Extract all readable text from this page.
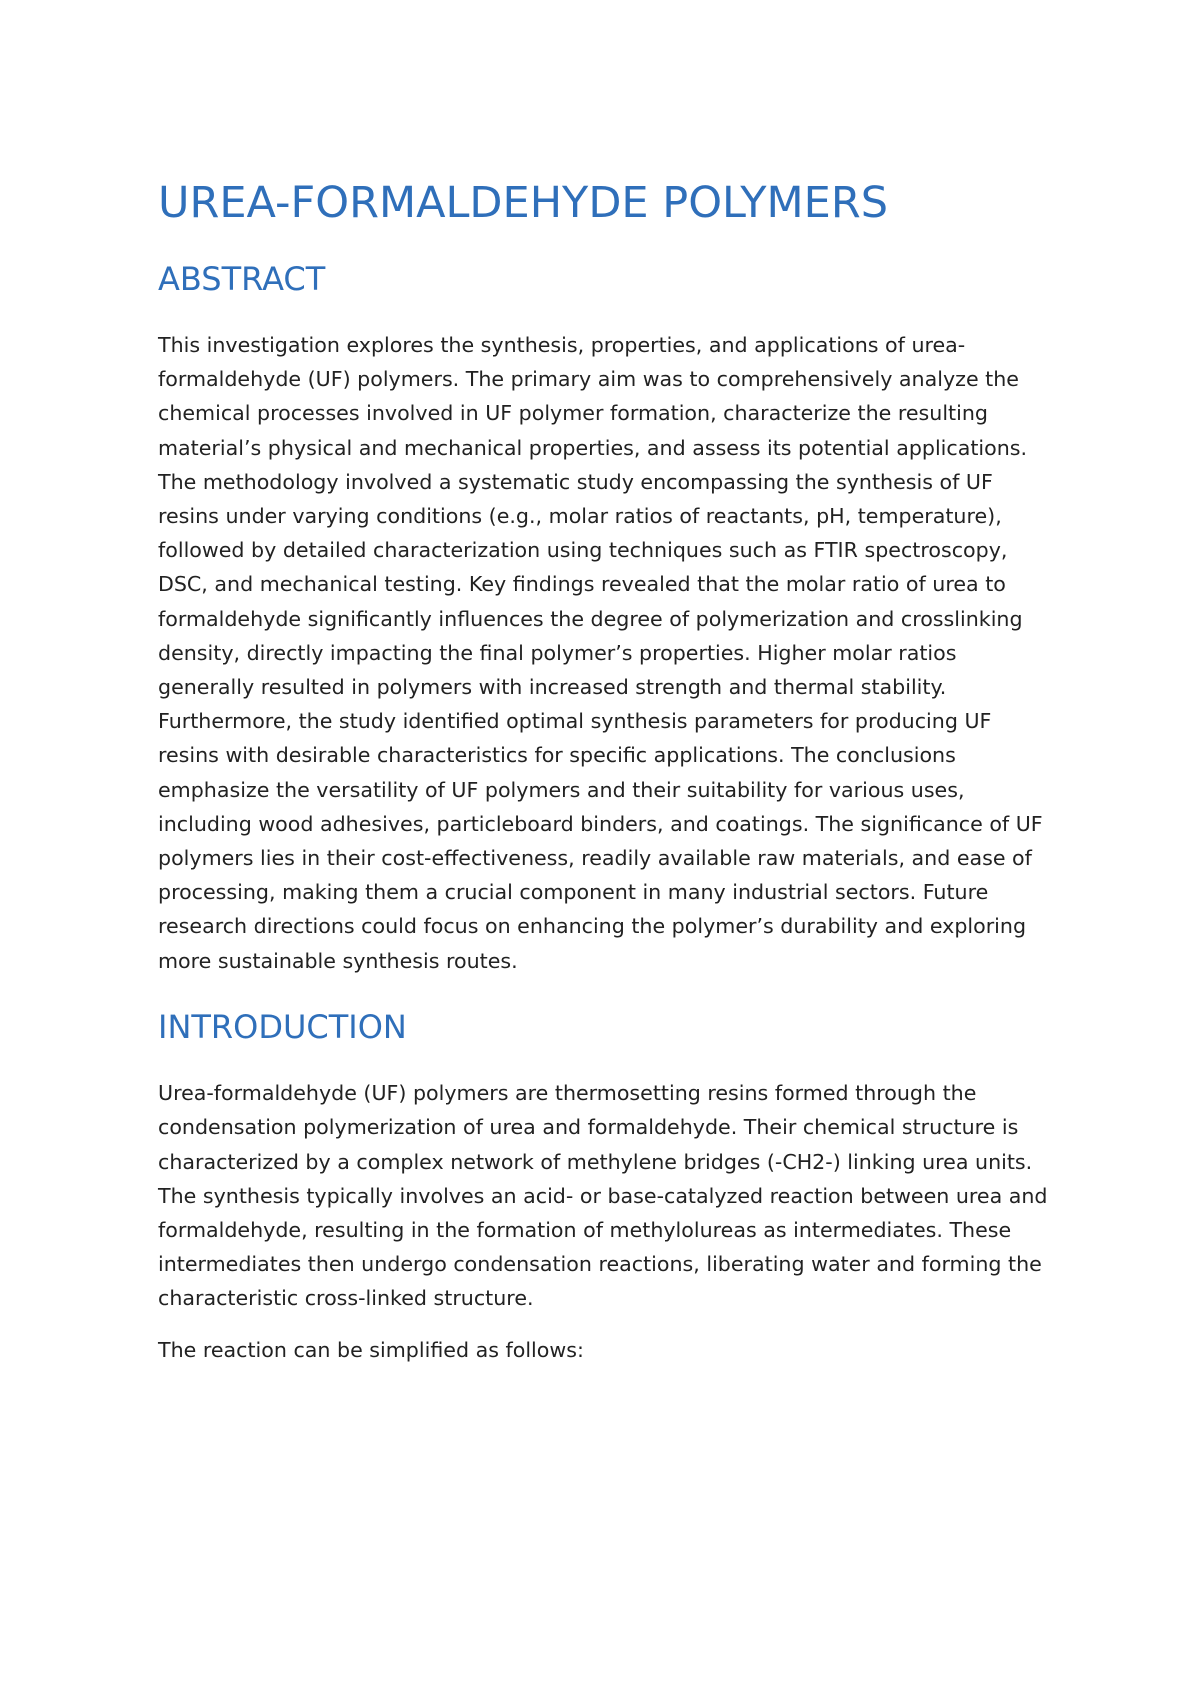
UREA-FORMALDEHYDE POLYMERS
ABSTRACT

This investigation explores the synthesis, properties, and applications of urea-formaldehyde (UF) polymers. The primary aim was to comprehensively analyze the chemical processes involved in UF polymer formation, characterize the resulting material’s physical and mechanical properties, and assess its potential applications. The methodology involved a systematic study encompassing the synthesis of UF resins under varying conditions (e.g., molar ratios of reactants, pH, temperature), followed by detailed characterization using techniques such as FTIR spectroscopy, DSC, and mechanical testing. Key findings revealed that the molar ratio of urea to formaldehyde significantly influences the degree of polymerization and crosslinking density, directly impacting the final polymer’s properties. Higher molar ratios generally resulted in polymers with increased strength and thermal stability. Furthermore, the study identified optimal synthesis parameters for producing UF resins with desirable characteristics for specific applications. The conclusions emphasize the versatility of UF polymers and their suitability for various uses, including wood adhesives, particleboard binders, and coatings. The significance of UF polymers lies in their cost-effectiveness, readily available raw materials, and ease of processing, making them a crucial component in many industrial sectors. Future research directions could focus on enhancing the polymer’s durability and exploring more sustainable synthesis routes.

INTRODUCTION

Urea-formaldehyde (UF) polymers are thermosetting resins formed through the condensation polymerization of urea and formaldehyde. Their chemical structure is characterized by a complex network of methylene bridges (-CH2-) linking urea units. The synthesis typically involves an acid- or base-catalyzed reaction between urea and formaldehyde, resulting in the formation of methylolureas as intermediates. These intermediates then undergo condensation reactions, liberating water and forming the characteristic cross-linked structure.

The reaction can be simplified as follows:
